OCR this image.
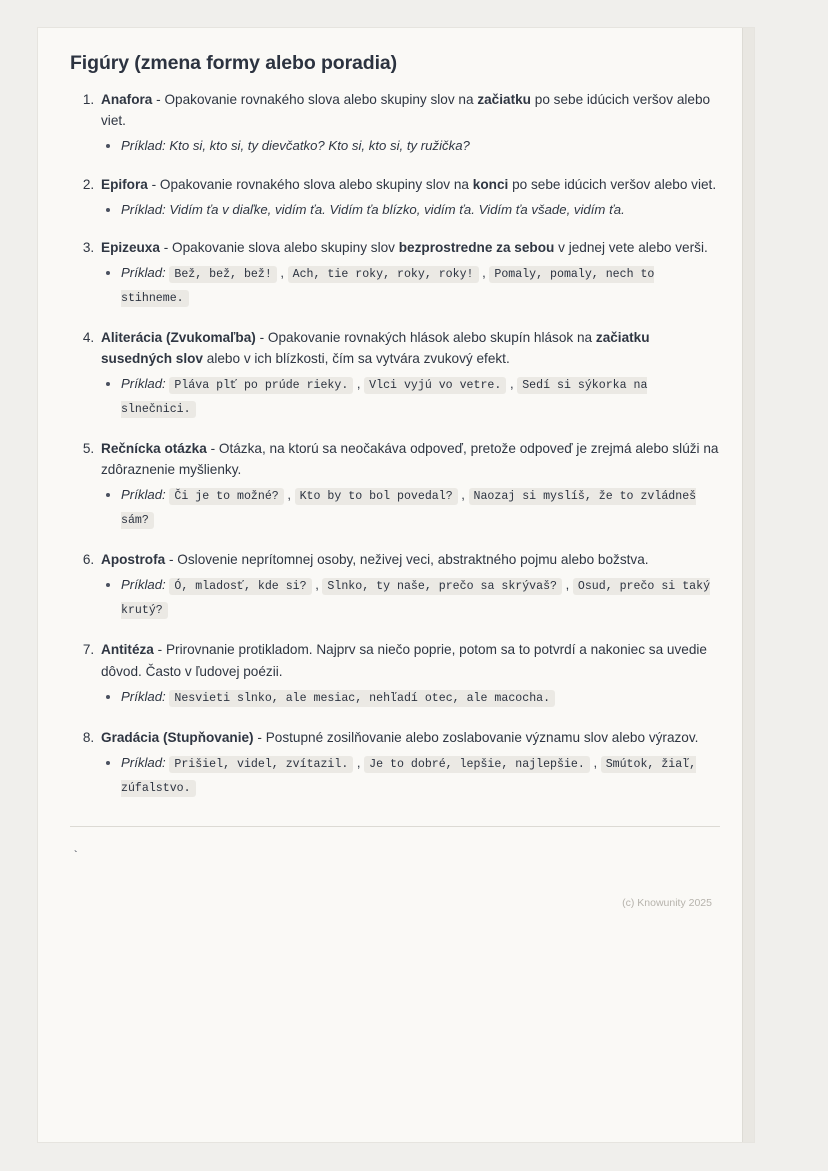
Figúry (zmena formy alebo poradia)
1. Anafora - Opakovanie rovnakého slova alebo skupiny slov na začiatku po sebe idúcich veršov alebo viet.
• Príklad: Kto si, kto si, ty dievčatko? Kto si, kto si, ty ružička?
2. Epifora - Opakovanie rovnakého slova alebo skupiny slov na konci po sebe idúcich veršov alebo viet.
• Príklad: Vidím ťa v diaľke, vidím ťa. Vidím ťa blízko, vidím ťa. Vidím ťa všade, vidím ťa.
3. Epizeuxa - Opakovanie slova alebo skupiny slov bezprostredne za sebou v jednej vete alebo verši.
• Príklad: Bež, bež, bež! , Ach, tie roky, roky, roky! , Pomaly, pomaly, nech to stihneme.
4. Aliterácia (Zvukomaľba) - Opakovanie rovnakých hlások alebo skupín hlások na začiatku susedných slov alebo v ich blízkosti, čím sa vytvára zvukový efekt.
• Príklad: Pláva plť po prúde rieky. , Vlci vyjú vo vetre. , Sedí si sýkorka na slnečnici.
5. Rečnícka otázka - Otázka, na ktorú sa neočakáva odpoveď, pretože odpoveď je zrejmá alebo slúži na zdôraznenie myšlienky.
• Príklad: Či je to možné? , Kto by to bol povedal? , Naozaj si myslíš, že to zvládneš sám?
6. Apostrofa - Oslovenie neprítomnej osoby, neživej veci, abstraktného pojmu alebo božstva.
• Príklad: Ó, mladosť, kde si? , Slnko, ty naše, prečo sa skrývaš? , Osud, prečo si taký krutý?
7. Antitéza - Prirovnanie protikladom. Najprv sa niečo poprie, potom sa to potvrdí a nakoniec sa uvedie dôvod. Často v ľudovej poézii.
• Príklad: Nesvieti slnko, ale mesiac, nehľadí otec, ale macocha.
8. Gradácia (Stupňovanie) - Postupné zosilňovanie alebo zoslabovanie významu slov alebo výrazov.
• Príklad: Prišiel, videl, zvítazil. , Je to dobré, lepšie, najlepšie. , Smútok, žiaľ, zúfalstvo.
`
(c) Knowunity 2025
